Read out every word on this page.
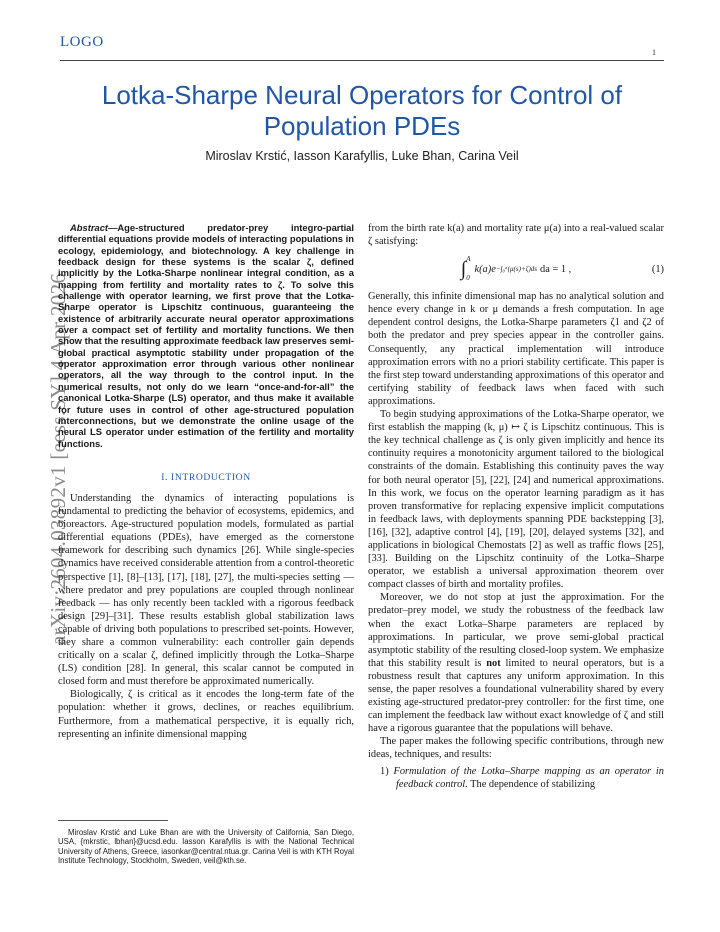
LOGO
1
Lotka-Sharpe Neural Operators for Control of Population PDEs
Miroslav Krstić, Iasson Karafyllis, Luke Bhan, Carina Veil
arXiv:2604.03892v1 [eess.SY] 4 Apr 2026

Abstract—Age-structured predator-prey integro-partial differential equations provide models of interacting populations in ecology, epidemiology, and biotechnology. A key challenge in feedback design for these systems is the scalar ζ, defined implicitly by the Lotka-Sharpe nonlinear integral condition, as a mapping from fertility and mortality rates to ζ. To solve this challenge with operator learning, we first prove that the Lotka-Sharpe operator is Lipschitz continuous, guaranteeing the existence of arbitrarily accurate neural operator approximations over a compact set of fertility and mortality functions. We then show that the resulting approximate feedback law preserves semi-global practical asymptotic stability under propagation of the operator approximation error through various other nonlinear operators, all the way through to the control input. In the numerical results, not only do we learn “once-and-for-all” the canonical Lotka-Sharpe (LS) operator, and thus make it available for future uses in control of other age-structured population interconnections, but we demonstrate the online usage of the neural LS operator under estimation of the fertility and mortality functions.

I. INTRODUCTION

Understanding the dynamics of interacting populations is fundamental to predicting the behavior of ecosystems, epidemics, and bioreactors. Age-structured population models, formulated as partial differential equations (PDEs), have emerged as the cornerstone framework for describing such dynamics [26]. While single-species dynamics have received considerable attention from a control-theoretic perspective [1], [8]–[13], [17], [18], [27], the multi-species setting — where predator and prey populations are coupled through nonlinear feedback — has only recently been tackled with a rigorous feedback design [29]–[31]. These results establish global stabilization laws capable of driving both populations to prescribed set-points. However, they share a common vulnerability: each controller gain depends critically on a scalar ζ, defined implicitly through the Lotka–Sharpe (LS) condition [28]. In general, this scalar cannot be computed in closed form and must therefore be approximated numerically.

Biologically, ζ is critical as it encodes the long-term fate of the population: whether it grows, declines, or reaches equilibrium. Furthermore, from a mathematical perspective, it is equally rich, representing an infinite dimensional mapping

Miroslav Krstić and Luke Bhan are with the University of California, San Diego, USA, {mkrstic, lbhan}@ucsd.edu. Iasson Karafyllis is with the National Technical University of Athens, Greece, iasonkar@central.ntua.gr. Carina Veil is with KTH Royal Institute Technology, Stockholm, Sweden, veil@kth.se.

from the birth rate k(a) and mortality rate μ(a) into a real-valued scalar ζ satisfying:

∫ A
0
k(a)e −∫₀ᵃ(μ(s)+ζ)ds da = 1 ,	(1)

Generally, this infinite dimensional map has no analytical solution and hence every change in k or μ demands a fresh computation. In age dependent control designs, the Lotka-Sharpe parameters ζ1 and ζ2 of both the predator and prey species appear in the controller gains. Consequently, any practical implementation will introduce approximation errors with no a priori stability certificate. This paper is the first step toward understanding approximations of this operator and certifying stability of feedback laws when faced with such approximations.

To begin studying approximations of the Lotka-Sharpe operator, we first establish the mapping (k, μ) ↦ ζ is Lipschitz continuous. This is the key technical challenge as ζ is only given implicitly and hence its continuity requires a monotonicity argument tailored to the biological constraints of the domain. Establishing this continuity paves the way for both neural operator [5], [22], [24] and numerical approximations. In this work, we focus on the operator learning paradigm as it has proven transformative for replacing expensive implicit computations in feedback laws, with deployments spanning PDE backstepping [3], [16], [32], adaptive control [4], [19], [20], delayed systems [32], and applications in biological Chemostats [2] as well as traffic flows [25], [33]. Building on the Lipschitz continuity of the Lotka–Sharpe operator, we establish a universal approximation theorem over compact classes of birth and mortality profiles.

Moreover, we do not stop at just the approximation. For the predator–prey model, we study the robustness of the feedback law when the exact Lotka–Sharpe parameters are replaced by approximations. In particular, we prove semi-global practical asymptotic stability of the resulting closed-loop system. We emphasize that this stability result is not limited to neural operators, but is a robustness result that captures any uniform approximation. In this sense, the paper resolves a foundational vulnerability shared by every existing age-structured predator-prey controller: for the first time, one can implement the feedback law without exact knowledge of ζ and still have a rigorous guarantee that the populations will behave.

The paper makes the following specific contributions, through new ideas, techniques, and results:

1) Formulation of the Lotka–Sharpe mapping as an operator in feedback control. The dependence of stabilizing
